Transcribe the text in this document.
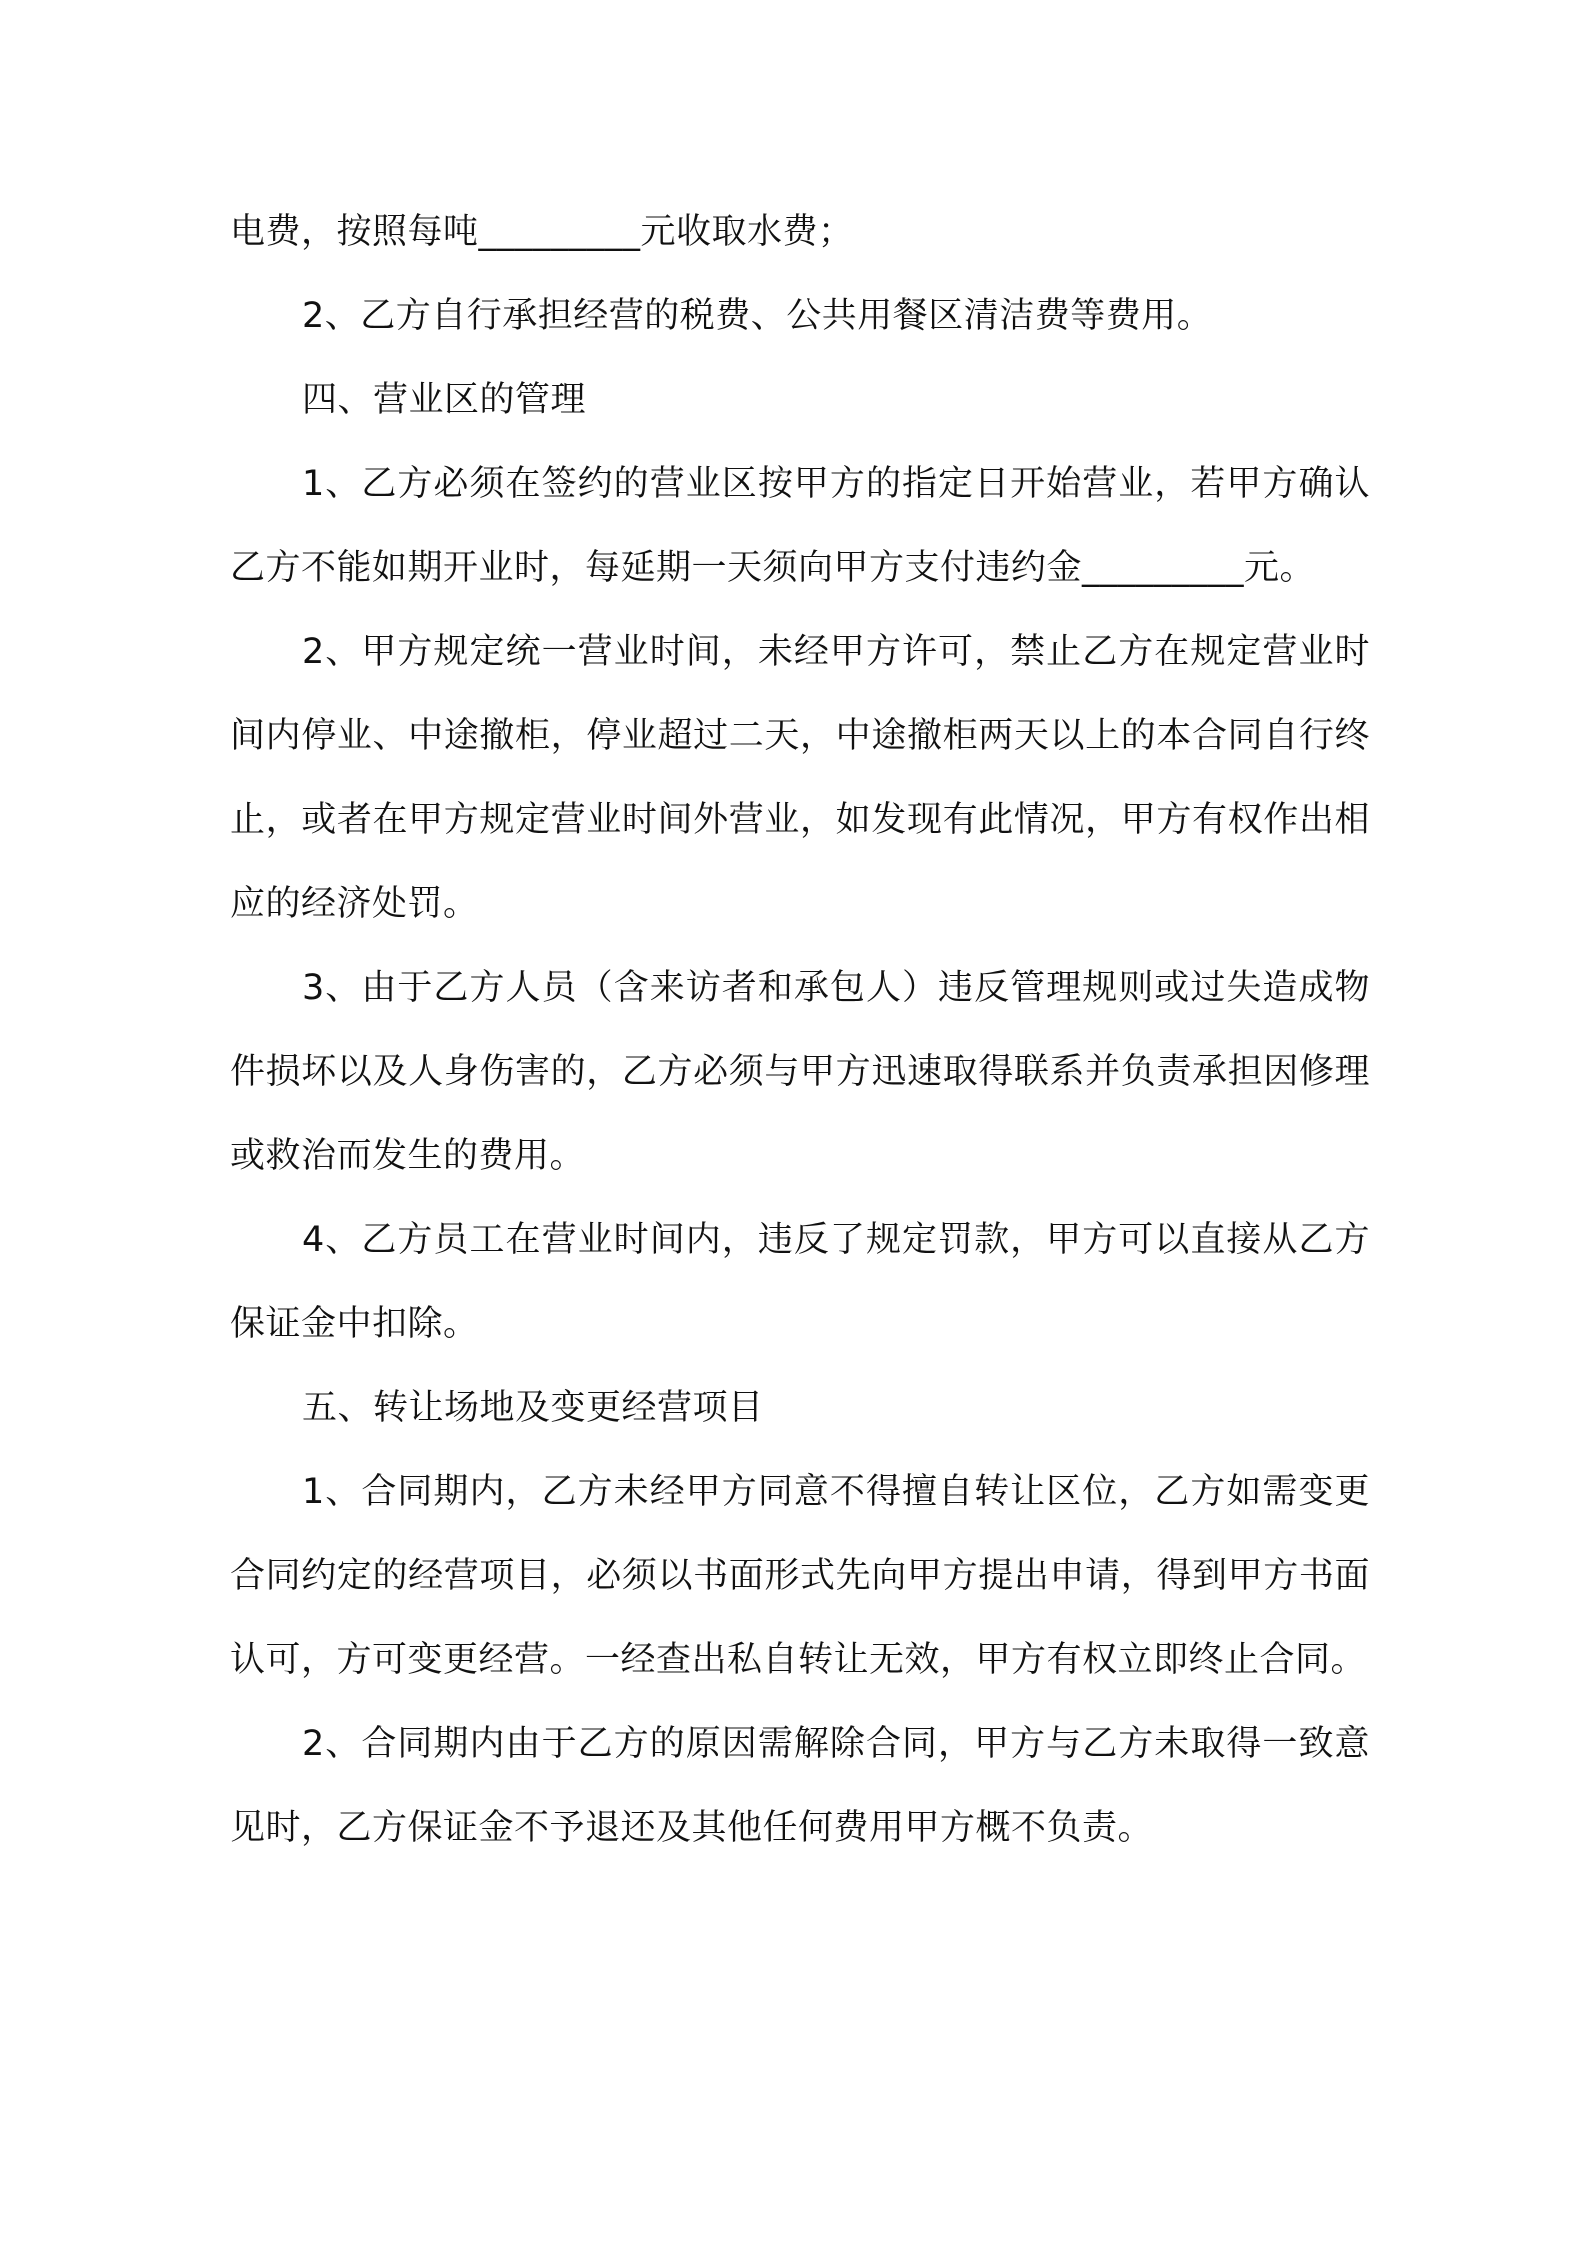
电费，按照每吨_________元收取水费；

2、乙方自行承担经营的税费、公共用餐区清洁费等费用。

四、营业区的管理

1、乙方必须在签约的营业区按甲方的指定日开始营业，若甲方确认乙方不能如期开业时，每延期一天须向甲方支付违约金_________元。

2、甲方规定统一营业时间，未经甲方许可，禁止乙方在规定营业时间内停业、中途撤柜，停业超过二天，中途撤柜两天以上的本合同自行终止，或者在甲方规定营业时间外营业，如发现有此情况，甲方有权作出相应的经济处罚。

3、由于乙方人员（含来访者和承包人）违反管理规则或过失造成物件损坏以及人身伤害的，乙方必须与甲方迅速取得联系并负责承担因修理或救治而发生的费用。

4、乙方员工在营业时间内，违反了规定罚款，甲方可以直接从乙方保证金中扣除。

五、转让场地及变更经营项目

1、合同期内，乙方未经甲方同意不得擅自转让区位，乙方如需变更合同约定的经营项目，必须以书面形式先向甲方提出申请，得到甲方书面认可，方可变更经营。一经查出私自转让无效，甲方有权立即终止合同。

2、合同期内由于乙方的原因需解除合同，甲方与乙方未取得一致意见时，乙方保证金不予退还及其他任何费用甲方概不负责。
